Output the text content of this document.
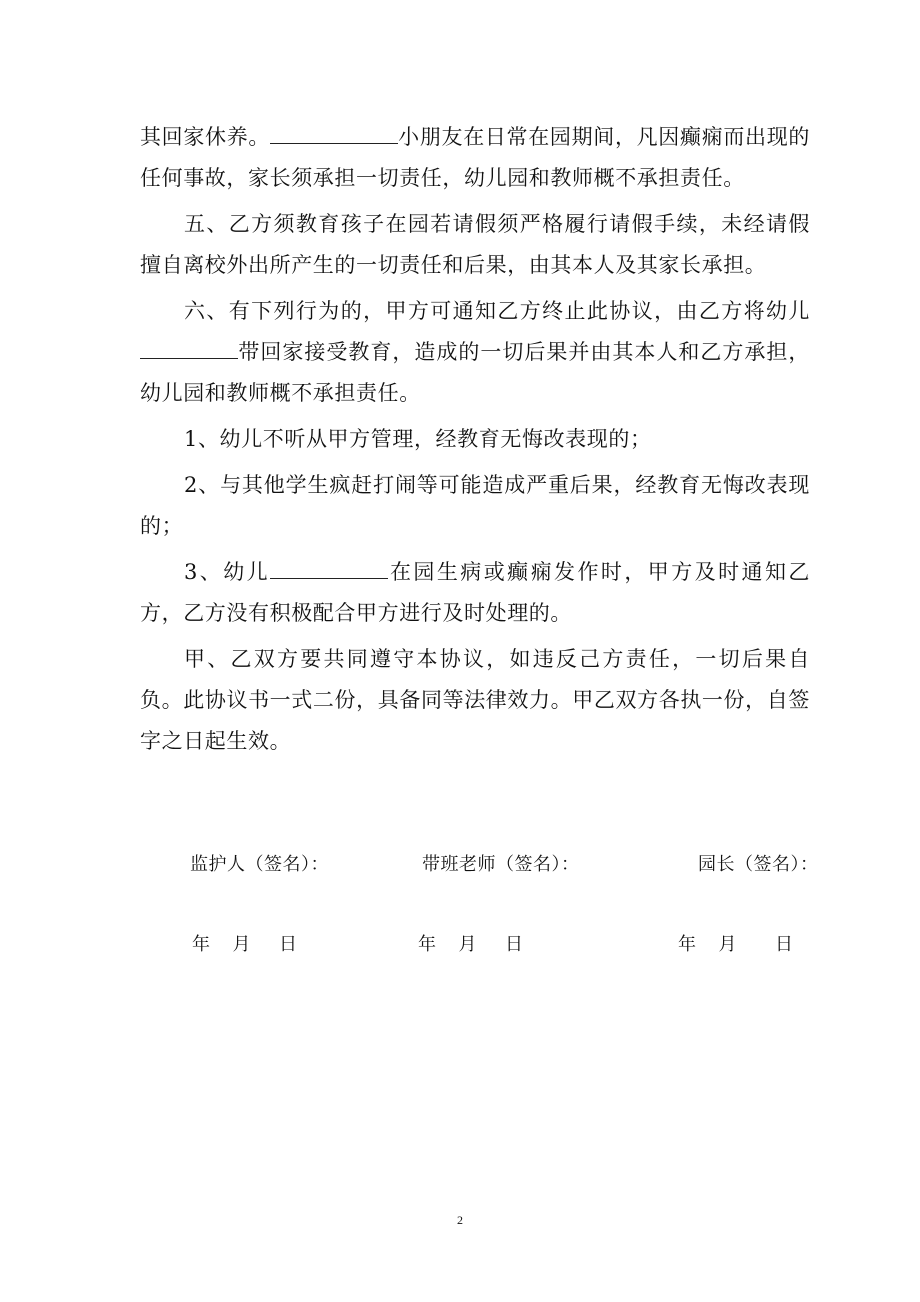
其回家休养。	小朋友在日常在园期间，凡因癫痫而出现的任何事故，家长须承担一切责任，幼儿园和教师概不承担责任。

五、乙方须教育孩子在园若请假须严格履行请假手续，未经请假擅自离校外出所产生的一切责任和后果，由其本人及其家长承担。

六、有下列行为的，甲方可通知乙方终止此协议，由乙方将幼儿带回家接受教育，造成的一切后果并由其本人和乙方承担，幼儿园和教师概不承担责任。

1、幼儿不听从甲方管理，经教育无悔改表现的；

2、与其他学生疯赶打闹等可能造成严重后果，经教育无悔改表现的；

3、幼儿	在园生病或癫痫发作时，甲方及时通知乙方，乙方没有积极配合甲方进行及时处理的。

甲、乙双方要共同遵守本协议，如违反己方责任，一切后果自负。此协议书一式二份，具备同等法律效力。甲乙双方各执一份，自签字之日起生效。

监护人（签名）：	带班老师（签名）：	园长（签名）：
年 月 日	年 月 日	年 月 日
2
